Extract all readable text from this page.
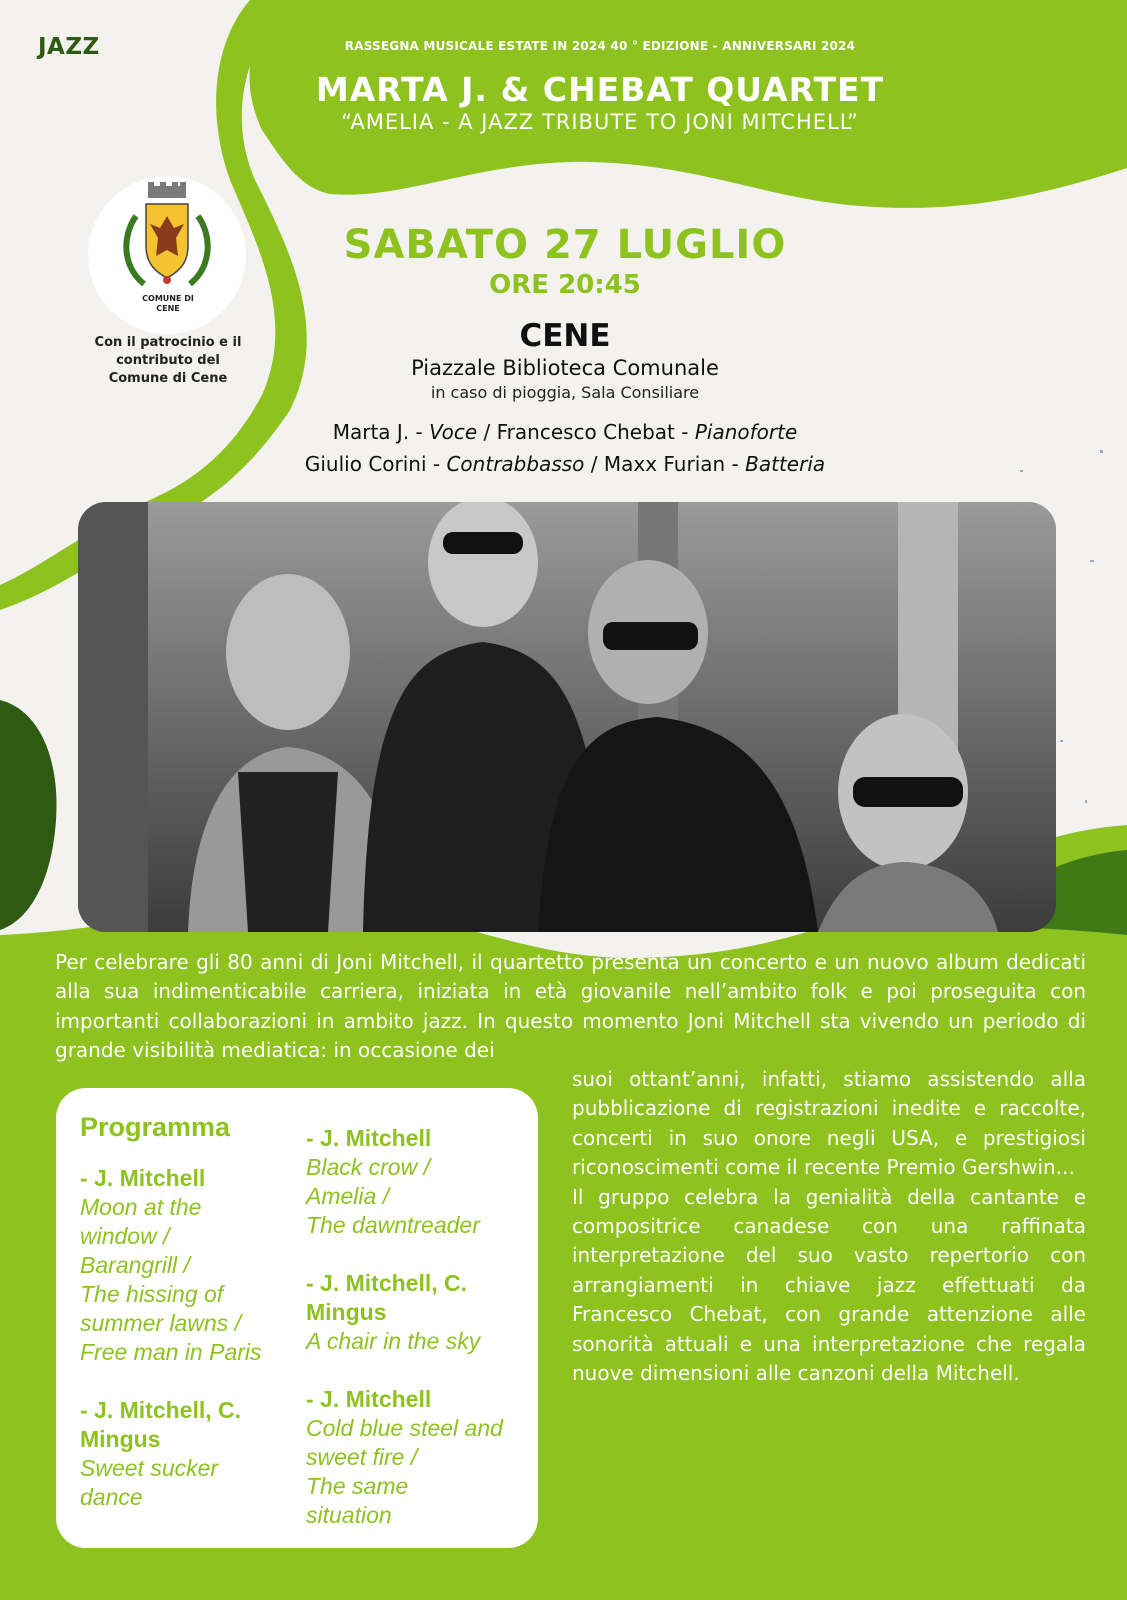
JAZZ	RASSEGNA MUSICALE ESTATE IN 2024 40 ° EDIZIONE - ANNIVERSARI 2024
MARTA J. & CHEBAT QUARTET
“AMELIA - A JAZZ TRIBUTE TO JONI MITCHELL”
COMUNE DI
CENE
Con il patrocinio e il
contributo del
Comune di Cene
SABATO 27 LUGLIO
ORE 20:45
CENE
Piazzale Biblioteca Comunale
in caso di pioggia, Sala Consiliare
Marta J. - Voce / Francesco Chebat - Pianoforte
Giulio Corini - Contrabbasso / Maxx Furian - Batteria
Per celebrare gli 80 anni di Joni Mitchell, il quartetto presenta un concerto e un nuovo album dedicati alla sua indimenticabile carriera, iniziata in età giovanile nell’ambito folk e poi proseguita con importanti collaborazioni in ambito jazz. In questo momento Joni Mitchell sta vivendo un periodo di grande visibilità mediatica: in occasione dei
suoi ottant’anni, infatti, stiamo assistendo alla pubblicazione di registrazioni inedite e raccolte, concerti in suo onore negli USA, e prestigiosi riconoscimenti come il recente Premio Gershwin...
Il gruppo celebra la genialità della cantante e compositrice canadese con una raffinata interpretazione del suo vasto repertorio con arrangiamenti in chiave jazz effettuati da Francesco Chebat, con grande attenzione alle sonorità attuali e una interpretazione che regala nuove dimensioni alle canzoni della Mitchell.
Programma
- J. Mitchell
Moon at the
window /
Barangrill /
The hissing of
summer lawns /
Free man in Paris
- J. Mitchell, C.
Mingus
Sweet sucker
dance
- J. Mitchell
Black crow /
Amelia /
The dawntreader
- J. Mitchell, C.
Mingus
A chair in the sky
- J. Mitchell
Cold blue steel and
sweet fire /
The same
situation
